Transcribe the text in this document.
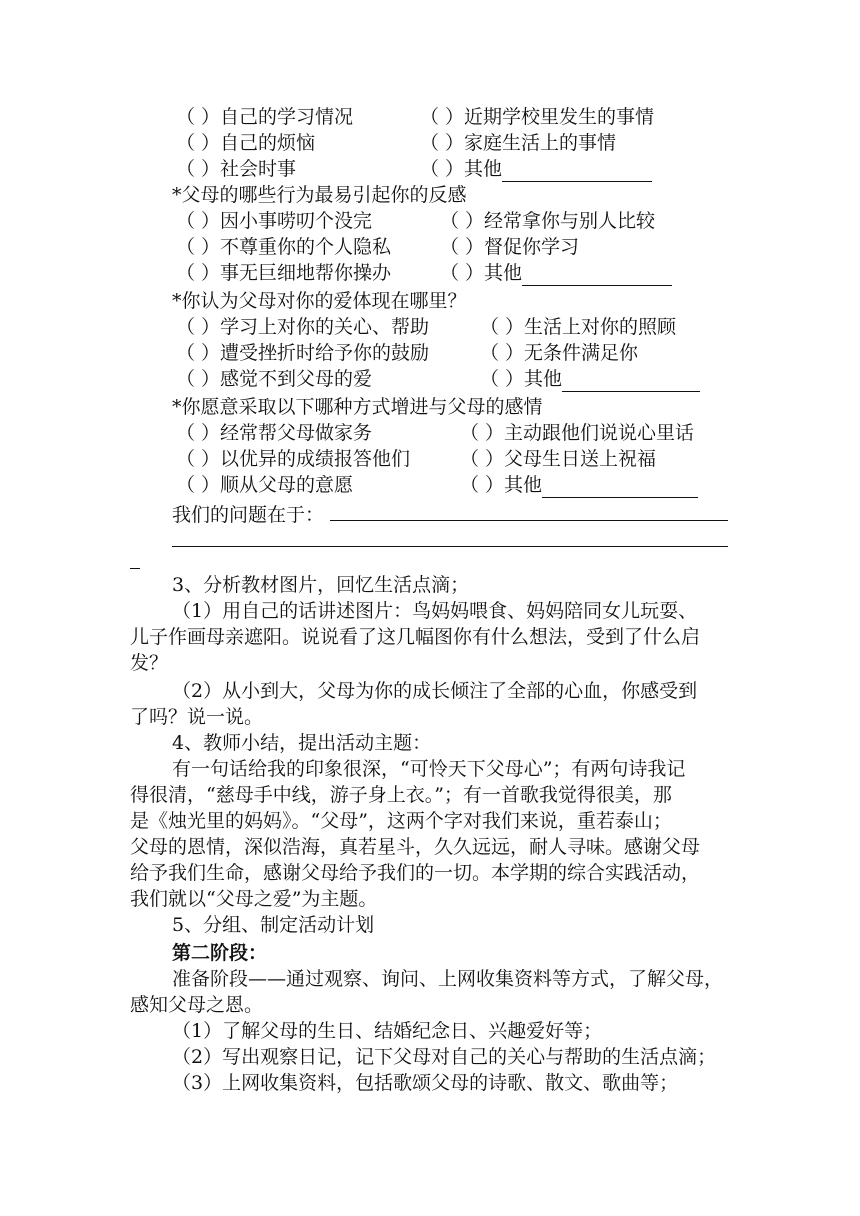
（ ）自己的学习情况	（ ）近期学校里发生的事情
（ ）自己的烦恼	（ ）家庭生活上的事情
（ ）社会时事	（ ）其他
*父母的哪些行为最易引起你的反感
（ ）因小事唠叨个没完	（ ）经常拿你与别人比较
（ ）不尊重你的个人隐私	（ ）督促你学习
（ ）事无巨细地帮你操办	（ ）其他
*你认为父母对你的爱体现在哪里？
（ ）学习上对你的关心、帮助	（ ）生活上对你的照顾
（ ）遭受挫折时给予你的鼓励	（ ）无条件满足你
（ ）感觉不到父母的爱	（ ）其他
*你愿意采取以下哪种方式增进与父母的感情
（ ）经常帮父母做家务	（ ）主动跟他们说说心里话
（ ）以优异的成绩报答他们	（ ）父母生日送上祝福
（ ）顺从父母的意愿	（ ）其他
我们的问题在于：
3、分析教材图片，回忆生活点滴；
（1）用自己的话讲述图片：鸟妈妈喂食、妈妈陪同女儿玩耍、
儿子作画母亲遮阳。说说看了这几幅图你有什么想法，受到了什么启
发？
（2）从小到大，父母为你的成长倾注了全部的心血，你感受到
了吗？说一说。
4、教师小结，提出活动主题：
有一句话给我的印象很深，“可怜天下父母心”；有两句诗我记
得很清，“慈母手中线，游子身上衣。”；有一首歌我觉得很美，那
是《烛光里的妈妈》。“父母”，这两个字对我们来说，重若泰山；
父母的恩情，深似浩海，真若星斗，久久远远，耐人寻味。感谢父母
给予我们生命，感谢父母给予我们的一切。本学期的综合实践活动，
我们就以“父母之爱”为主题。
5、分组、制定活动计划
第二阶段：
准备阶段——通过观察、询问、上网收集资料等方式，了解父母，
感知父母之恩。
（1）了解父母的生日、结婚纪念日、兴趣爱好等；
（2）写出观察日记，记下父母对自己的关心与帮助的生活点滴；
（3）上网收集资料，包括歌颂父母的诗歌、散文、歌曲等；
